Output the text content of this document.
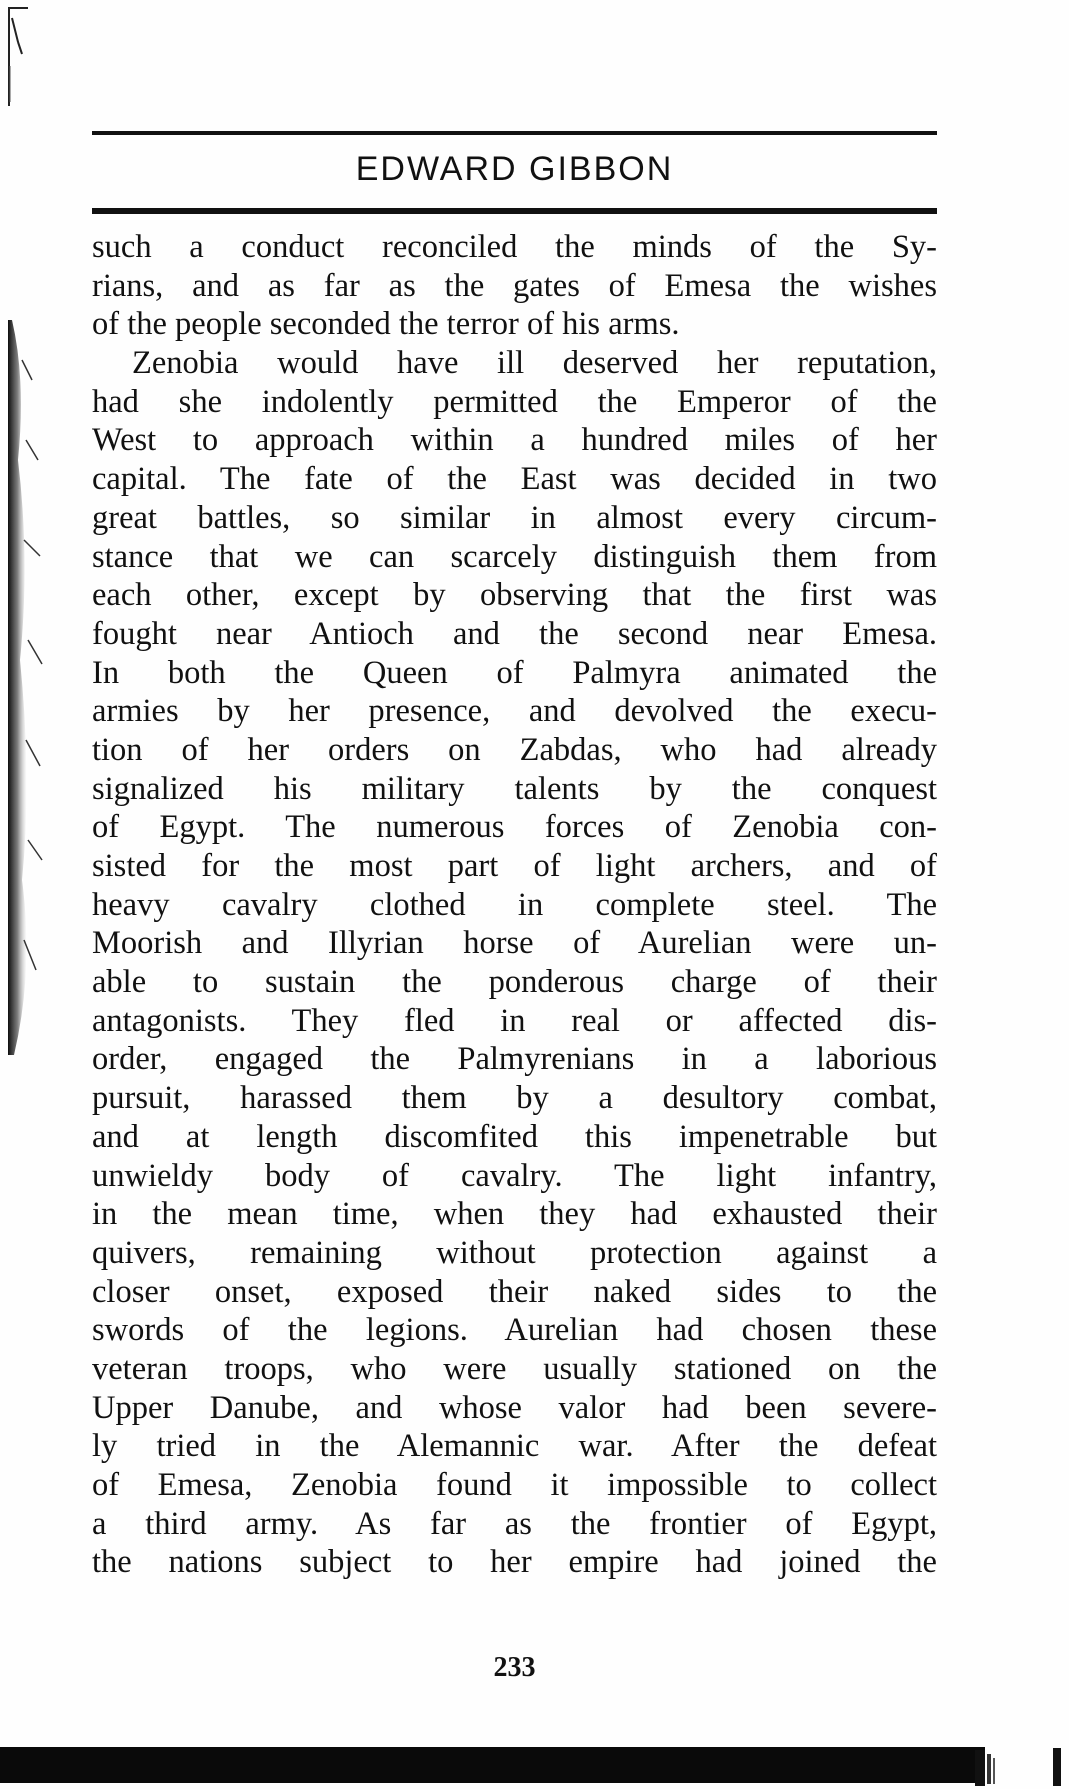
EDWARD GIBBON
such a conduct reconciled the minds of the Sy-
rians, and as far as the gates of Emesa the wishes
of the people seconded the terror of his arms.
Zenobia would have ill deserved her reputation,
had she indolently permitted the Emperor of the
West to approach within a hundred miles of her
capital. The fate of the East was decided in two
great battles, so similar in almost every circum-
stance that we can scarcely distinguish them from
each other, except by observing that the first was
fought near Antioch and the second near Emesa.
In both the Queen of Palmyra animated the
armies by her presence, and devolved the execu-
tion of her orders on Zabdas, who had already
signalized his military talents by the conquest
of Egypt. The numerous forces of Zenobia con-
sisted for the most part of light archers, and of
heavy cavalry clothed in complete steel. The
Moorish and Illyrian horse of Aurelian were un-
able to sustain the ponderous charge of their
antagonists. They fled in real or affected dis-
order, engaged the Palmyrenians in a laborious
pursuit, harassed them by a desultory combat,
and at length discomfited this impenetrable but
unwieldy body of cavalry. The light infantry,
in the mean time, when they had exhausted their
quivers, remaining without protection against a
closer onset, exposed their naked sides to the
swords of the legions. Aurelian had chosen these
veteran troops, who were usually stationed on the
Upper Danube, and whose valor had been severe-
ly tried in the Alemannic war. After the defeat
of Emesa, Zenobia found it impossible to collect
a third army. As far as the frontier of Egypt,
the nations subject to her empire had joined the
233
